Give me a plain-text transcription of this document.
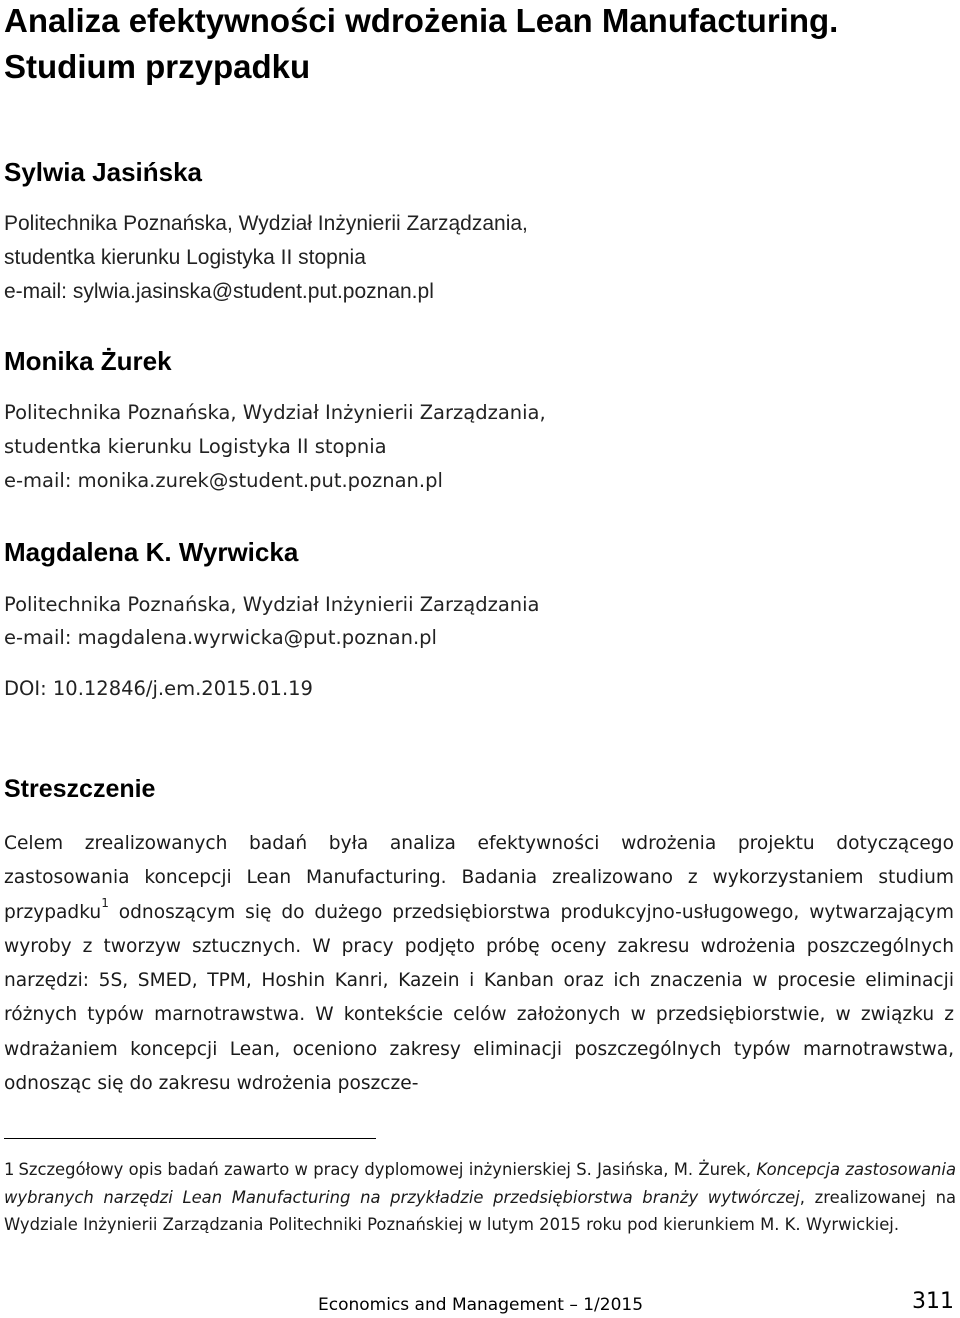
Analiza efektywności wdrożenia Lean Manufacturing. Studium przypadku

Sylwia Jasińska

Politechnika Poznańska, Wydział Inżynierii Zarządzania,

studentka kierunku Logistyka II stopnia

e-mail: sylwia.jasinska@student.put.poznan.pl

Monika Żurek

Politechnika Poznańska, Wydział Inżynierii Zarządzania,

studentka kierunku Logistyka II stopnia

e-mail: monika.zurek@student.put.poznan.pl

Magdalena K. Wyrwicka

Politechnika Poznańska, Wydział Inżynierii Zarządzania

e-mail: magdalena.wyrwicka@put.poznan.pl

DOI: 10.12846/j.em.2015.01.19

Streszczenie

Celem zrealizowanych badań była analiza efektywności wdrożenia projektu dotyczącego zastosowania koncepcji Lean Manufacturing. Badania zrealizowano z wykorzystaniem studium przypadku$^1$ odnoszącym się do dużego przedsiębiorstwa produkcyjno-usługowego, wytwarzającym wyroby z tworzyw sztucznych. W pracy podjęto próbę oceny zakresu wdrożenia poszczególnych narzędzi: 5S, SMED, TPM, Hoshin Kanri, Kazein i Kanban oraz ich znaczenia w procesie eliminacji różnych typów marnotrawstwa. W kontekście celów założonych w przedsiębiorstwie, w związku z wdrażaniem koncepcji Lean, oceniono zakresy eliminacji poszczególnych typów marnotrawstwa, odnosząc się do zakresu wdrożenia poszcze-

1 Szczegółowy opis badań zawarto w pracy dyplomowej inżynierskiej S. Jasińska, M. Żurek, Koncepcja zastosowania wybranych narzędzi Lean Manufacturing na przykładzie przedsiębiorstwa branży wytwórczej, zrealizowanej na Wydziale Inżynierii Zarządzania Politechniki Poznańskiej w lutym 2015 roku pod kierunkiem M. K. Wyrwickiej.

Economics and Management – 1/2015	311
